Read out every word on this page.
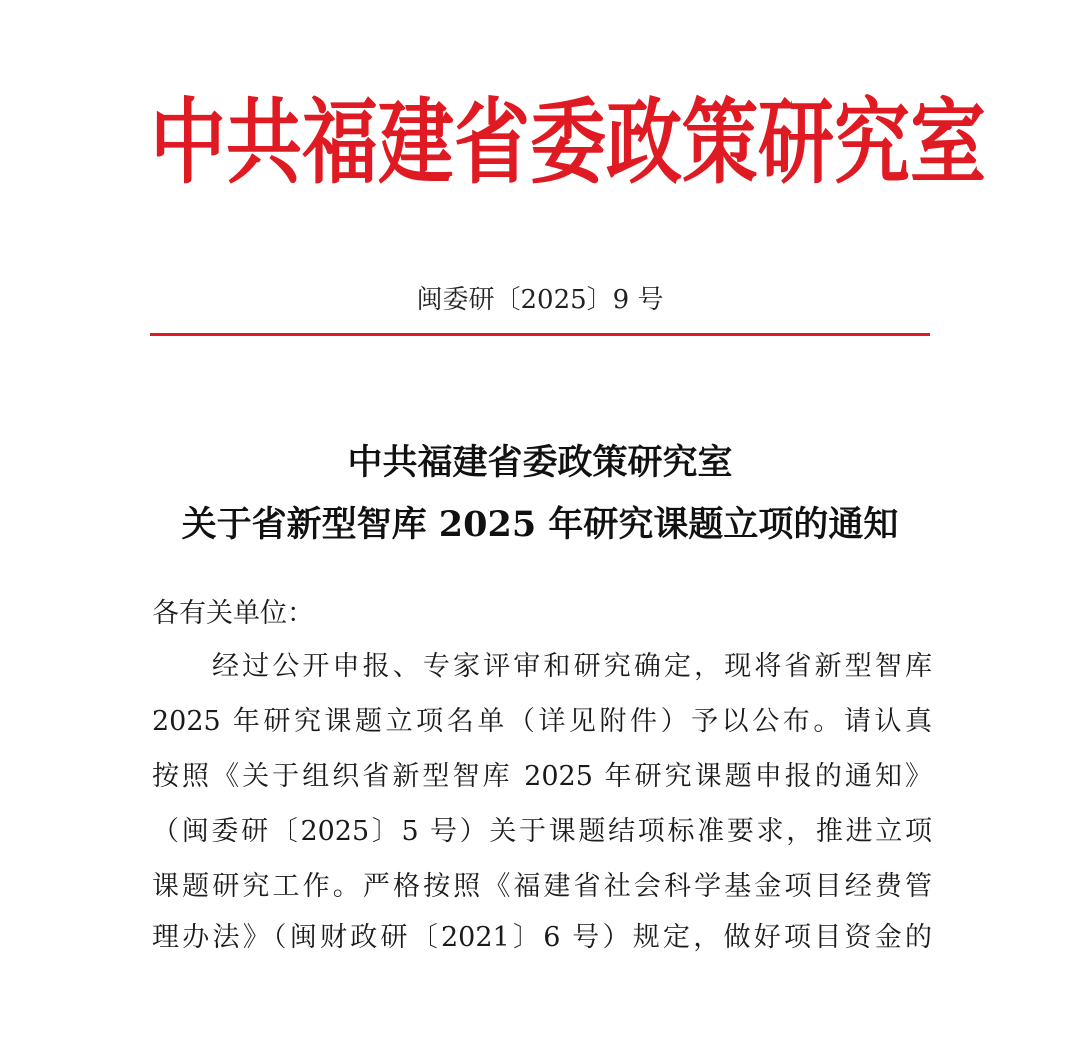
中共福建省委政策研究室
闽委研〔2025〕9 号
中共福建省委政策研究室
关于省新型智库 2025 年研究课题立项的通知
各有关单位：
经过公开申报、专家评审和研究确定，现将省新型智库
2025 年研究课题立项名单（详见附件）予以公布。请认真
按照《关于组织省新型智库 2025 年研究课题申报的通知》
（闽委研〔2025〕5 号）关于课题结项标准要求，推进立项
课题研究工作。严格按照《福建省社会科学基金项目经费管
理办法》（闽财政研〔2021〕6 号）规定，做好项目资金的
